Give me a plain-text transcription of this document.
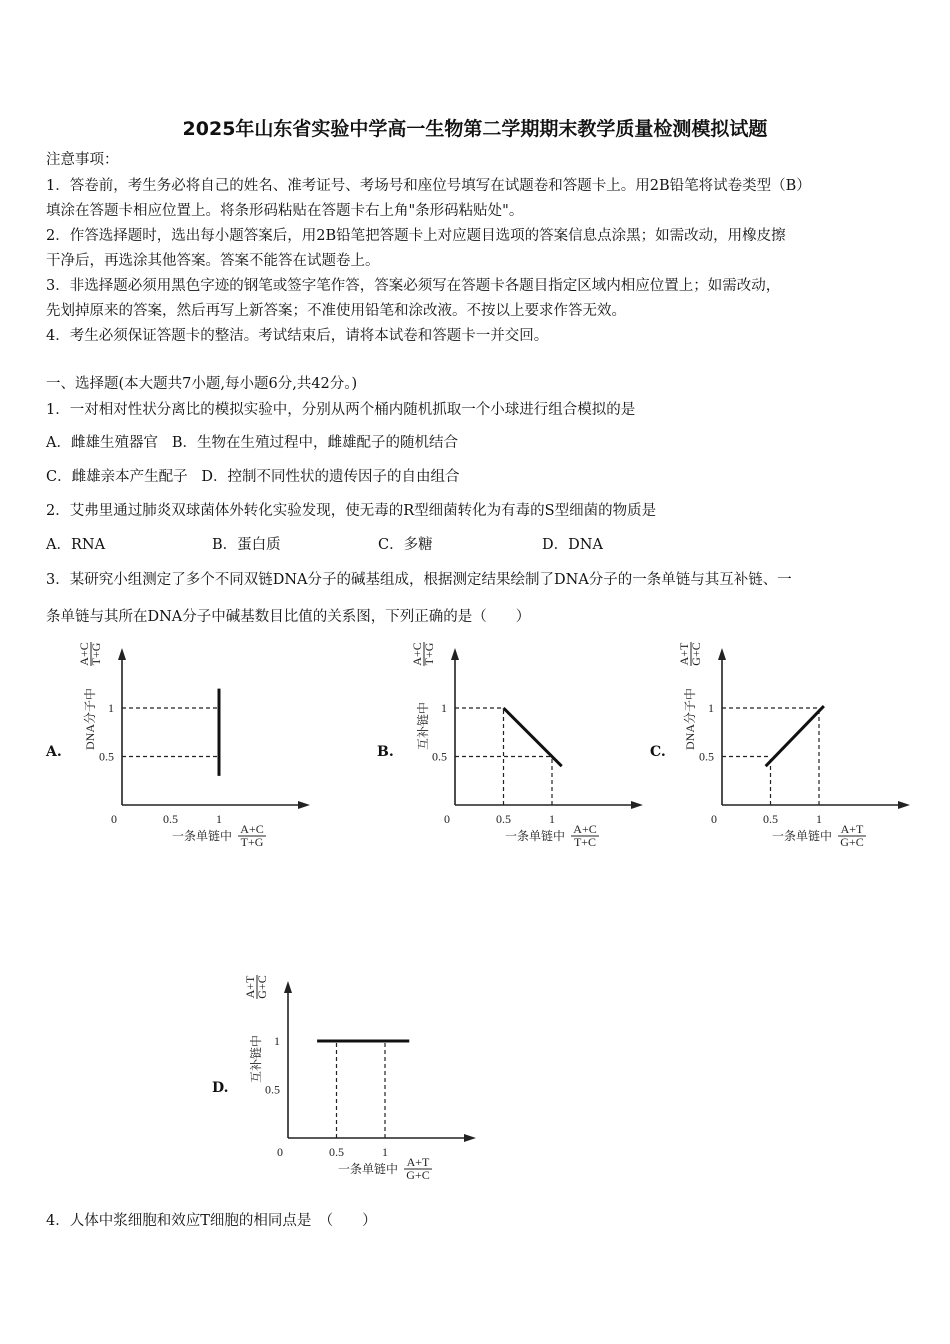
2025年山东省实验中学高一生物第二学期期末教学质量检测模拟试题
注意事项：
1．答卷前，考生务必将自己的姓名、准考证号、考场号和座位号填写在试题卷和答题卡上。用2B铅笔将试卷类型（B）
填涂在答题卡相应位置上。将条形码粘贴在答题卡右上角"条形码粘贴处"。
2．作答选择题时，选出每小题答案后，用2B铅笔把答题卡上对应题目选项的答案信息点涂黑；如需改动，用橡皮擦
干净后，再选涂其他答案。答案不能答在试题卷上。
3．非选择题必须用黑色字迹的钢笔或签字笔作答，答案必须写在答题卡各题目指定区域内相应位置上；如需改动，
先划掉原来的答案，然后再写上新答案；不准使用铅笔和涂改液。不按以上要求作答无效。
4．考生必须保证答题卡的整洁。考试结束后，请将本试卷和答题卡一并交回。
一、选择题(本大题共7小题,每小题6分,共42分。)
1．一对相对性状分离比的模拟实验中，分别从两个桶内随机抓取一个小球进行组合模拟的是
A．雌雄生殖器官 B．生物在生殖过程中，雌雄配子的随机结合
C．雌雄亲本产生配子 D．控制不同性状的遗传因子的自由组合
2．艾弗里通过肺炎双球菌体外转化实验发现，使无毒的R型细菌转化为有毒的S型细菌的物质是
A．RNA	B．蛋白质	C．多糖	D．DNA
3．某研究小组测定了多个不同双链DNA分子的碱基组成，根据测定结果绘制了DNA分子的一条单链与其互补链、一
条单链与其所在DNA分子中碱基数目比值的关系图，下列正确的是（　　）
A.	B.	C.
D.
0	0.5	1
0.5
1
一条单链中 A+C
T+G
DNA分子中
A+C
T+G
0	0.5	1
0.5
1
一条单链中 A+C
T+C
互补链中
A+C
T+G
0	0.5	1
0.5
1
一条单链中 A+T
G+C
DNA分子中
A+T
G+C
0	0.5	1
0.5
1
一条单链中 A+T
G+C
互补链中
A+T
G+C
4．人体中浆细胞和效应T细胞的相同点是　（　　）
